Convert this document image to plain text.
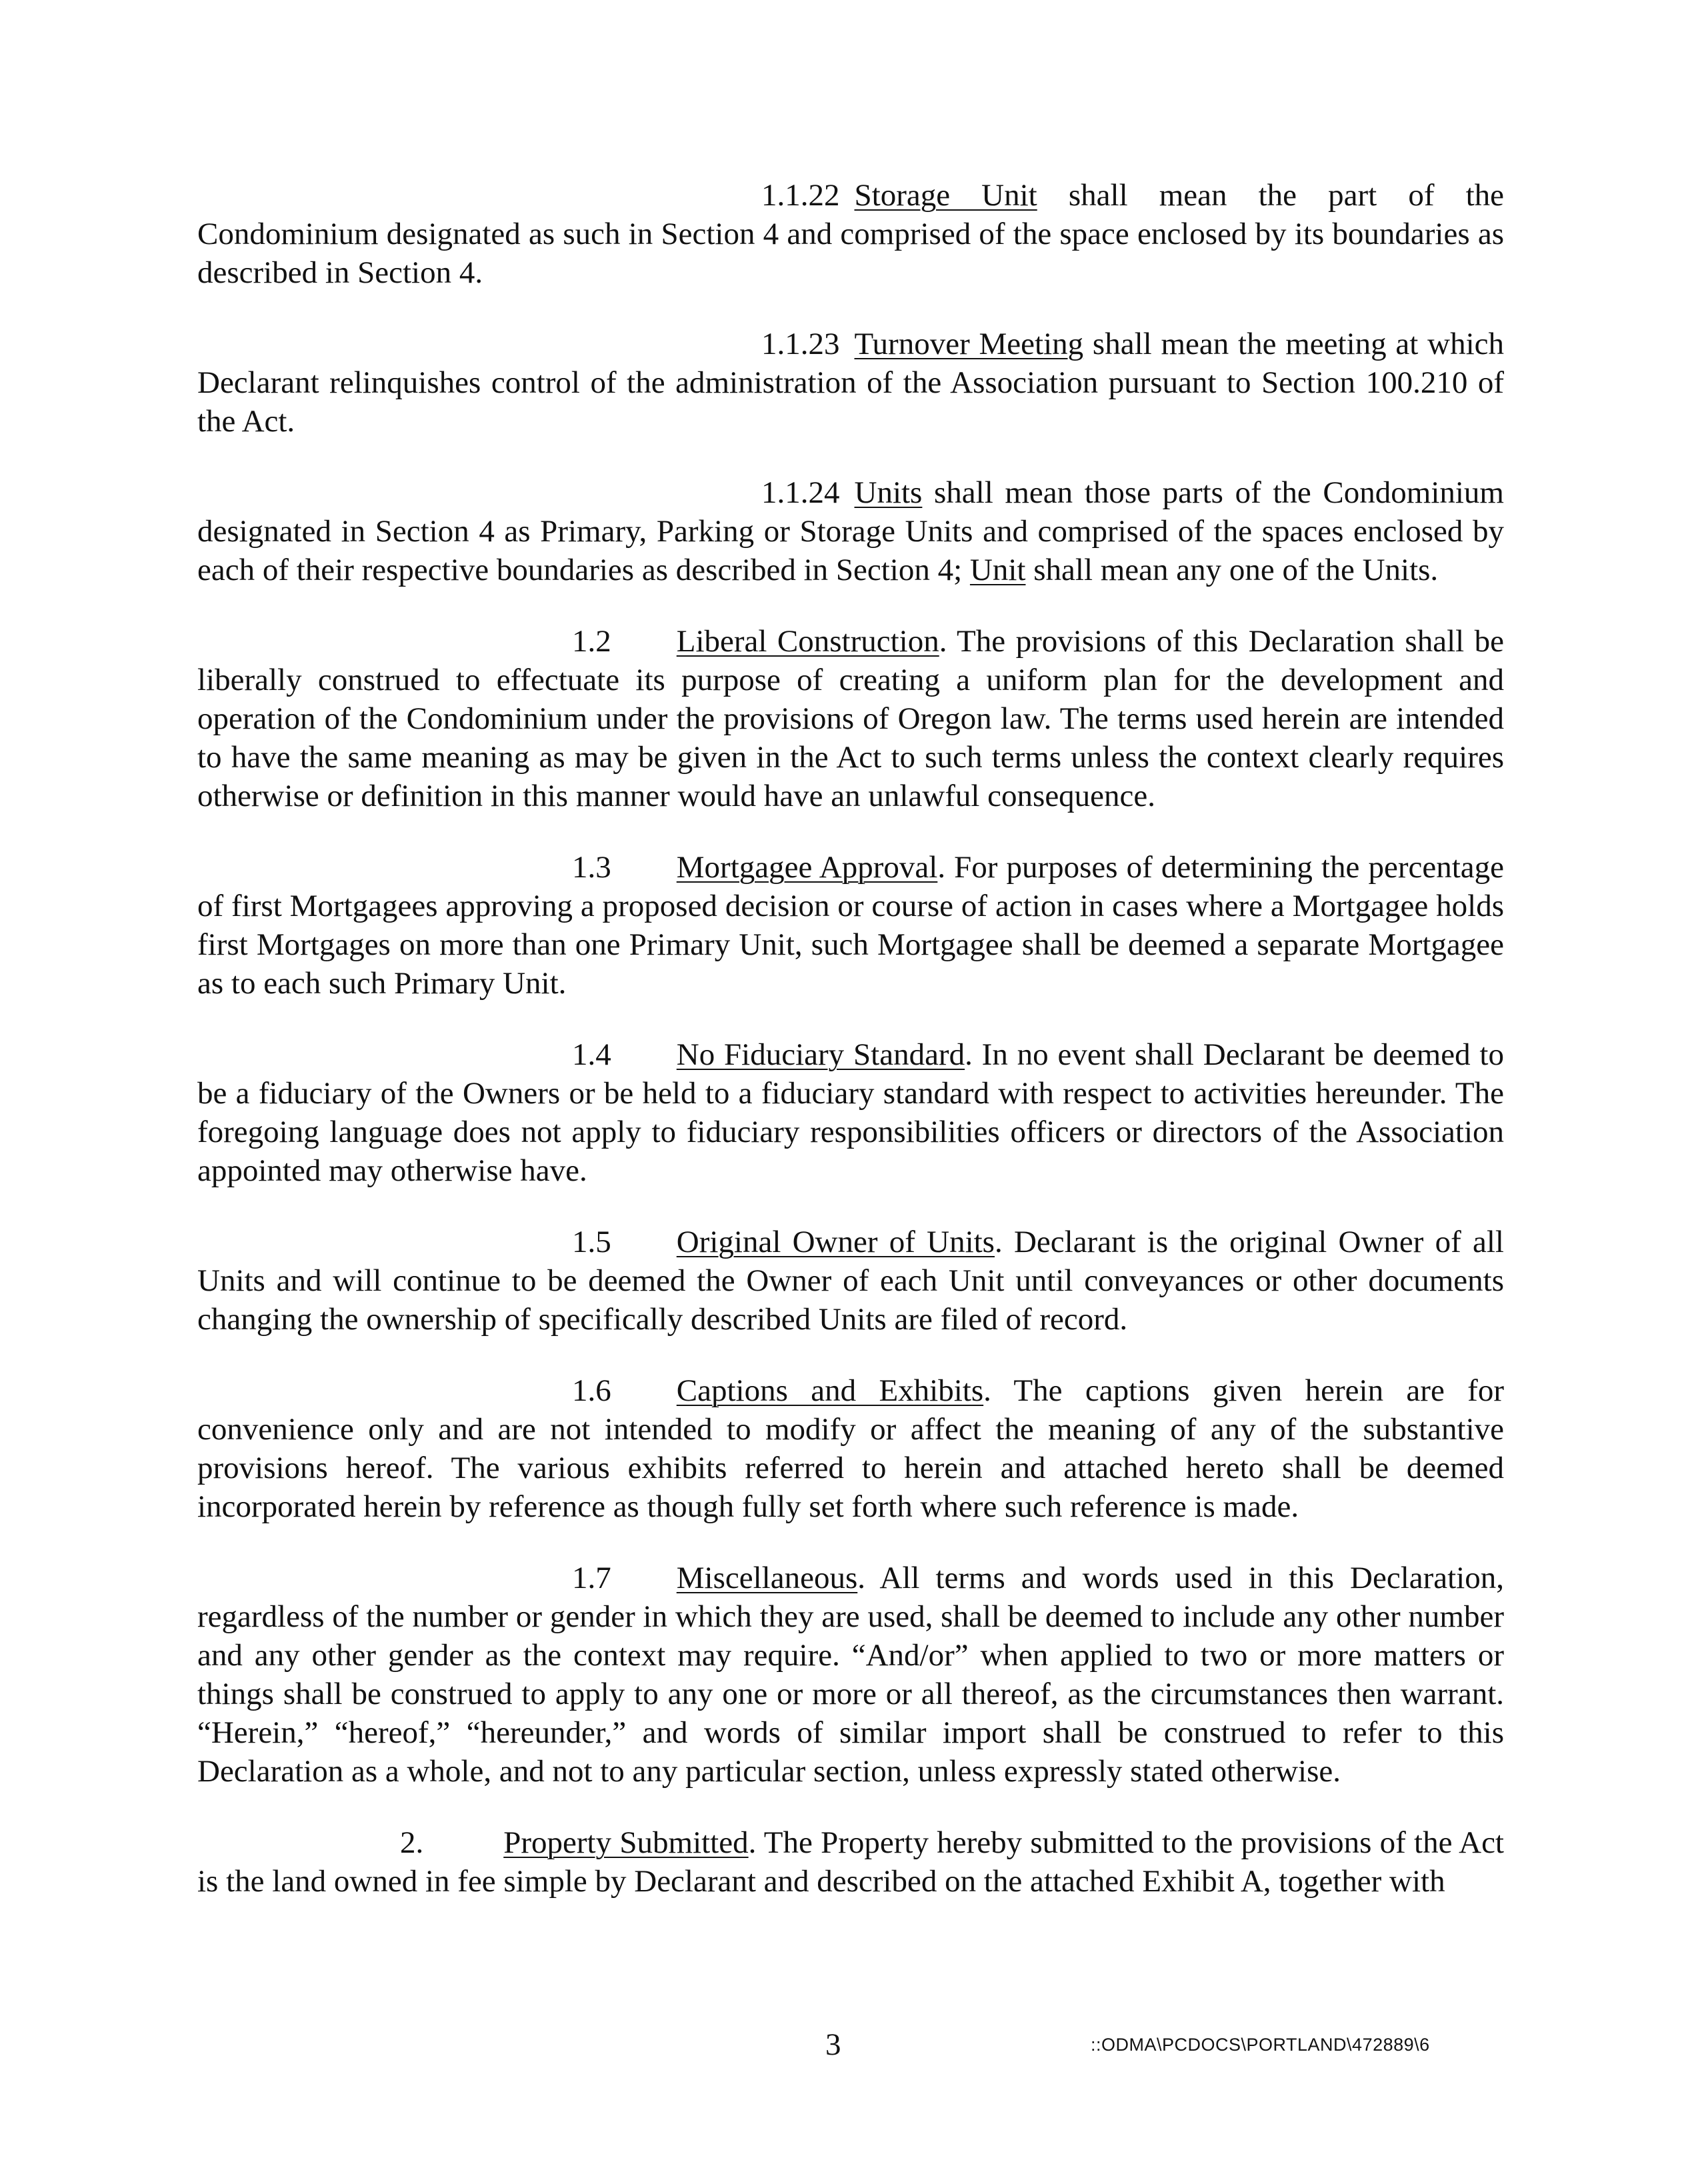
1.1.22 Storage Unit shall mean the part of the Condominium designated as such in Section 4 and comprised of the space enclosed by its boundaries as described in Section 4.

1.1.23 Turnover Meeting shall mean the meeting at which Declarant relinquishes control of the administration of the Association pursuant to Section 100.210 of the Act.

1.1.24 Units shall mean those parts of the Condominium designated in Section 4 as Primary, Parking or Storage Units and comprised of the spaces enclosed by each of their respective boundaries as described in Section 4; Unit shall mean any one of the Units.

1.2 Liberal Construction. The provisions of this Declaration shall be liberally construed to effectuate its purpose of creating a uniform plan for the development and operation of the Condominium under the provisions of Oregon law. The terms used herein are intended to have the same meaning as may be given in the Act to such terms unless the context clearly requires otherwise or definition in this manner would have an unlawful consequence.

1.3 Mortgagee Approval. For purposes of determining the percentage of first Mortgagees approving a proposed decision or course of action in cases where a Mortgagee holds first Mortgages on more than one Primary Unit, such Mortgagee shall be deemed a separate Mortgagee as to each such Primary Unit.

1.4 No Fiduciary Standard. In no event shall Declarant be deemed to be a fiduciary of the Owners or be held to a fiduciary standard with respect to activities hereunder. The foregoing language does not apply to fiduciary responsibilities officers or directors of the Association appointed may otherwise have.

1.5 Original Owner of Units. Declarant is the original Owner of all Units and will continue to be deemed the Owner of each Unit until conveyances or other documents changing the ownership of specifically described Units are filed of record.

1.6 Captions and Exhibits. The captions given herein are for convenience only and are not intended to modify or affect the meaning of any of the substantive provisions hereof. The various exhibits referred to herein and attached hereto shall be deemed incorporated herein by reference as though fully set forth where such reference is made.

1.7 Miscellaneous. All terms and words used in this Declaration, regardless of the number or gender in which they are used, shall be deemed to include any other number and any other gender as the context may require. “And/or” when applied to two or more matters or things shall be construed to apply to any one or more or all thereof, as the circumstances then warrant. “Herein,” “hereof,” “hereunder,” and words of similar import shall be construed to refer to this Declaration as a whole, and not to any particular section, unless expressly stated otherwise.

2.	Property Submitted. The Property hereby submitted to the provisions of the Act is the land owned in fee simple by Declarant and described on the attached Exhibit A, together with

3	::ODMA\PCDOCS\PORTLAND\472889\6
